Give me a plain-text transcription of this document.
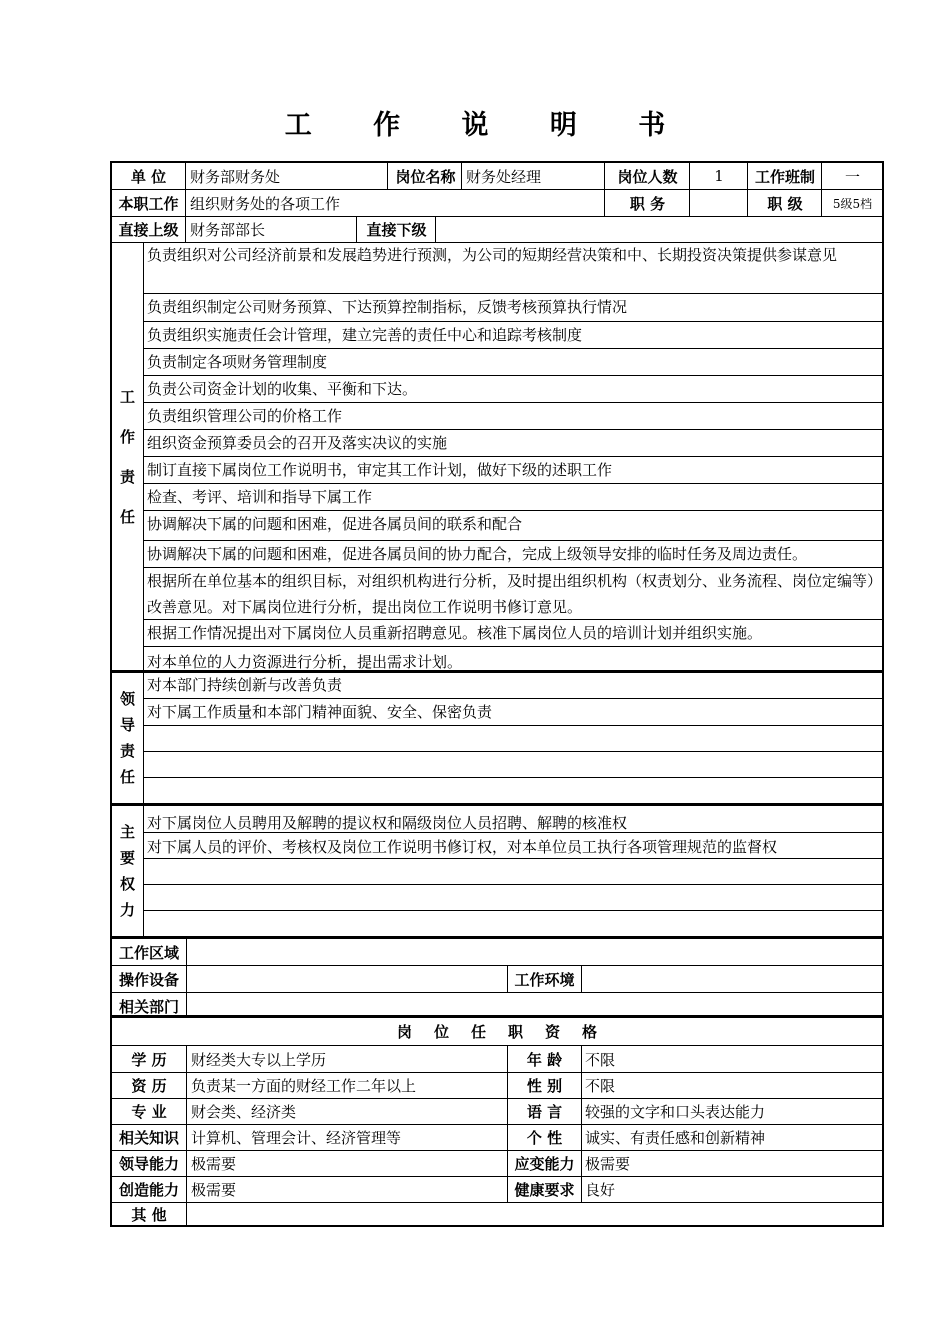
工 作 说 明 书
单 位	财务部财务处	岗位名称 财务处经理	岗位人数	1	工作班制	一
本职工作 组织财务处的各项工作	职 务	职 级	5级5档
直接上级 财务部部长	直接下级
工
作
责
任
负责组织对公司经济前景和发展趋势进行预测，为公司的短期经营决策和中、长期投资决策提供参谋意见
负责组织制定公司财务预算、下达预算控制指标，反馈考核预算执行情况
负责组织实施责任会计管理，建立完善的责任中心和追踪考核制度
负责制定各项财务管理制度
负责公司资金计划的收集、平衡和下达。
负责组织管理公司的价格工作
组织资金预算委员会的召开及落实决议的实施
制订直接下属岗位工作说明书，审定其工作计划，做好下级的述职工作
检查、考评、培训和指导下属工作
协调解决下属的问题和困难，促进各属员间的联系和配合
协调解决下属的问题和困难，促进各属员间的协力配合，完成上级领导安排的临时任务及周边责任。
根据所在单位基本的组织目标，对组织机构进行分析，及时提出组织机构（权责划分、业务流程、岗位定编等）改善意见。对下属岗位进行分析，提出岗位工作说明书修订意见。
根据工作情况提出对下属岗位人员重新招聘意见。核准下属岗位人员的培训计划并组织实施。
对本单位的人力资源进行分析，提出需求计划。
领
导
责
任
对本部门持续创新与改善负责
对下属工作质量和本部门精神面貌、安全、保密负责
主
要
权
力
对下属岗位人员聘用及解聘的提议权和隔级岗位人员招聘、解聘的核准权
对下属人员的评价、考核权及岗位工作说明书修订权，对本单位员工执行各项管理规范的监督权
工作区域
操作设备	工作环境
相关部门
岗位任职资格
学 历	财经类大专以上学历	年 龄	不限
资 历	负责某一方面的财经工作二年以上	性 别	不限
专 业	财会类、经济类	语 言	较强的文字和口头表达能力
相关知识 计算机、管理会计、经济管理等	个 性	诚实、有责任感和创新精神
领导能力 极需要	应变能力 极需要
创造能力 极需要	健康要求 良好
其 他
